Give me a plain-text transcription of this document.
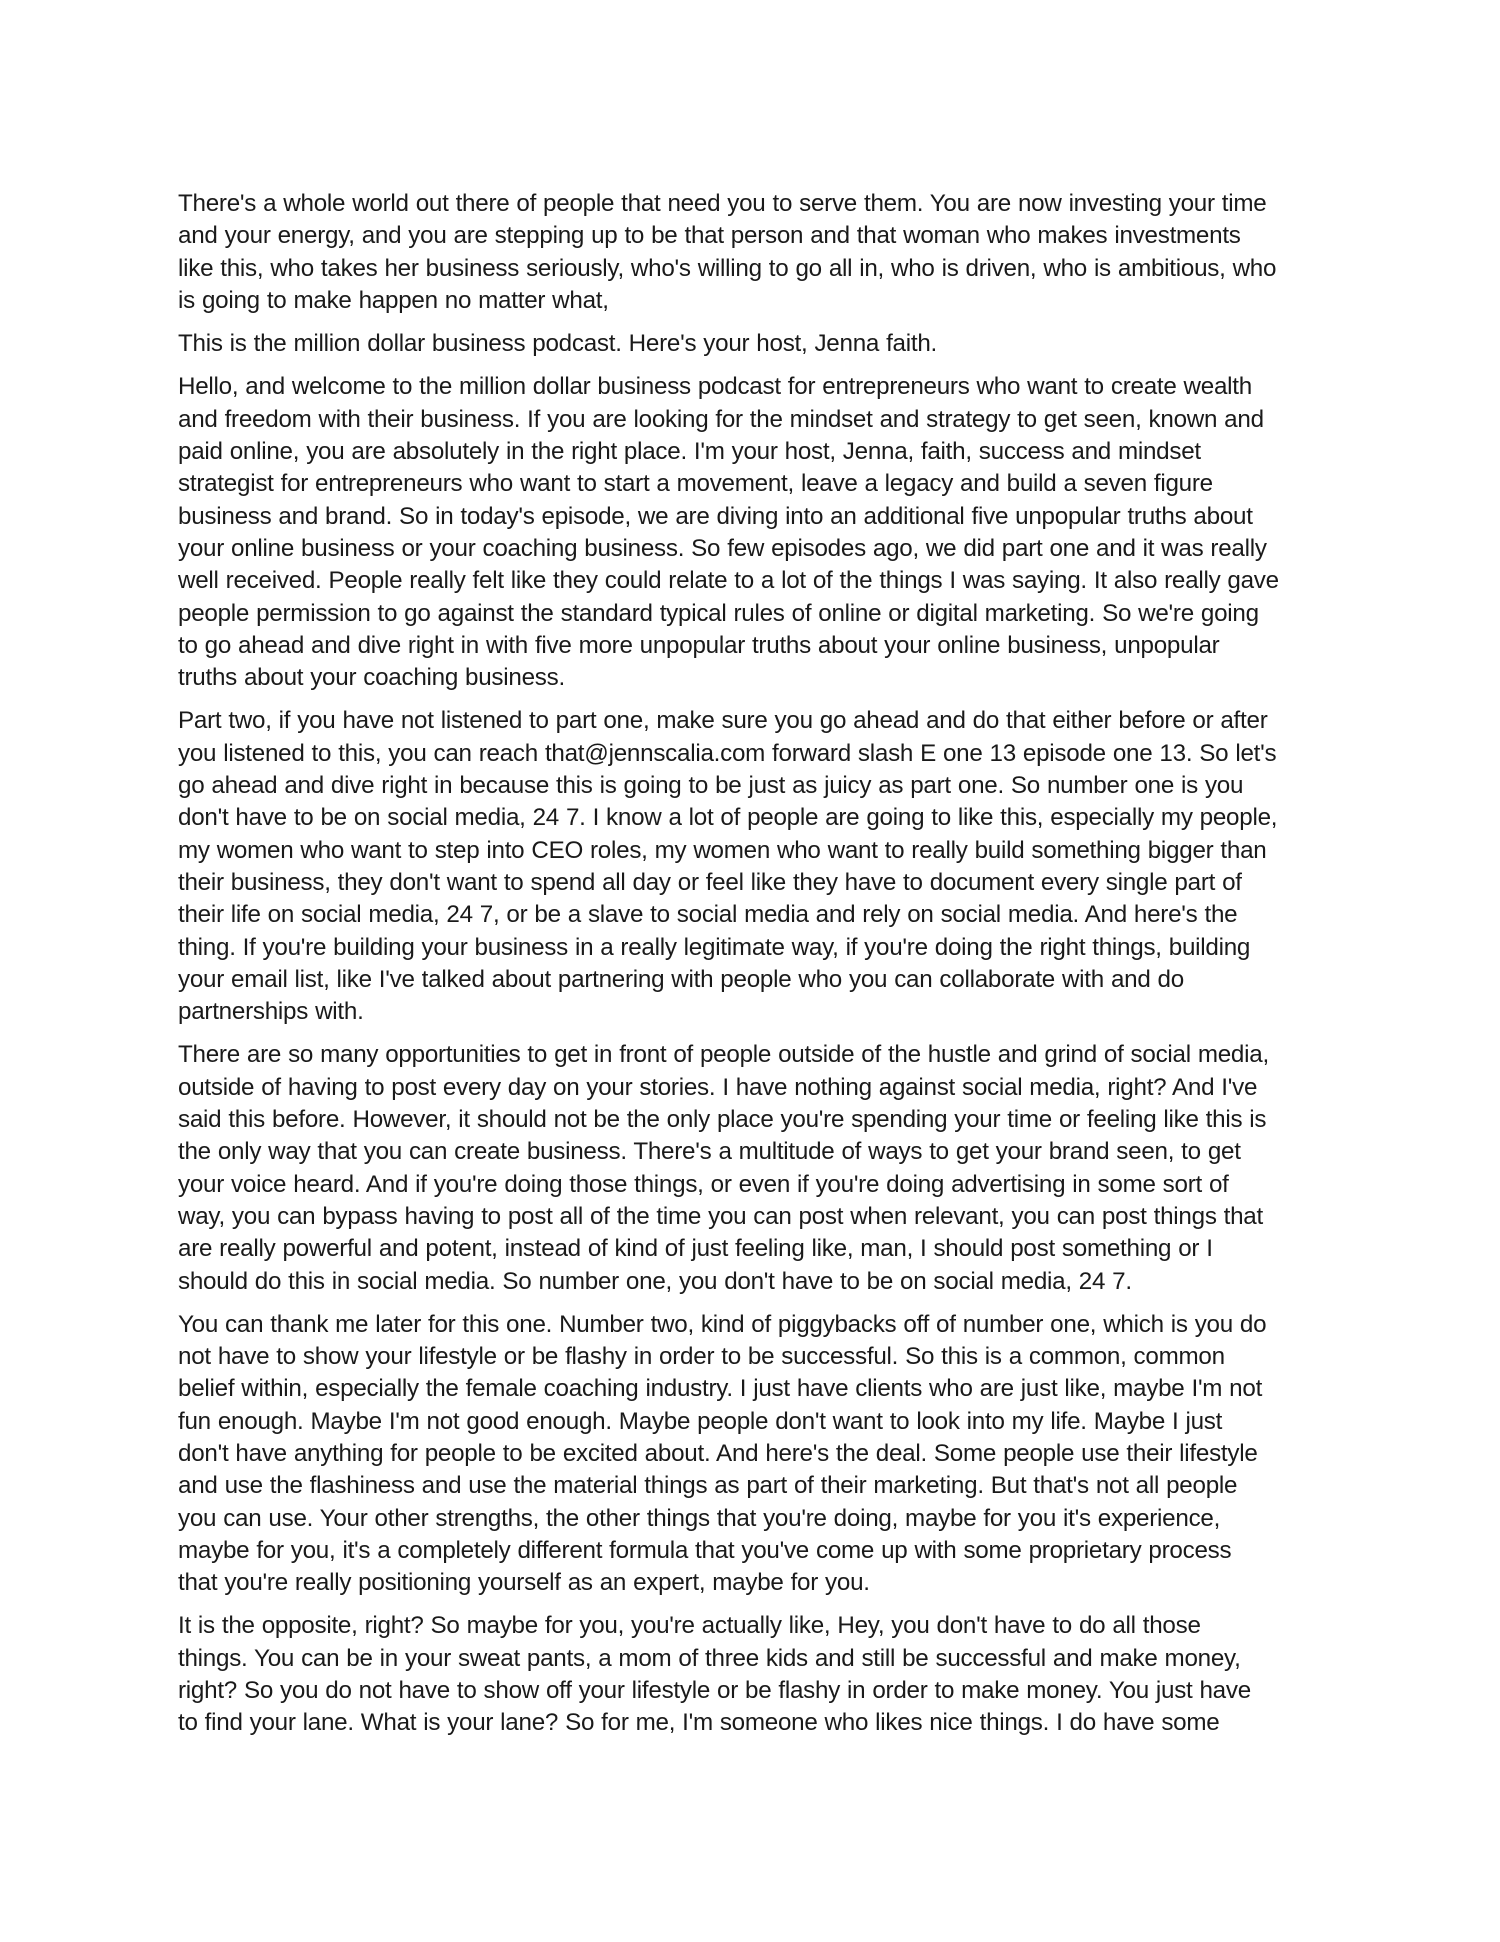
There's a whole world out there of people that need you to serve them. You are now investing your time
and your energy, and you are stepping up to be that person and that woman who makes investments
like this, who takes her business seriously, who's willing to go all in, who is driven, who is ambitious, who
is going to make happen no matter what,

This is the million dollar business podcast. Here's your host, Jenna faith.

Hello, and welcome to the million dollar business podcast for entrepreneurs who want to create wealth
and freedom with their business. If you are looking for the mindset and strategy to get seen, known and
paid online, you are absolutely in the right place. I'm your host, Jenna, faith, success and mindset
strategist for entrepreneurs who want to start a movement, leave a legacy and build a seven figure
business and brand. So in today's episode, we are diving into an additional five unpopular truths about
your online business or your coaching business. So few episodes ago, we did part one and it was really
well received. People really felt like they could relate to a lot of the things I was saying. It also really gave
people permission to go against the standard typical rules of online or digital marketing. So we're going
to go ahead and dive right in with five more unpopular truths about your online business, unpopular
truths about your coaching business.

Part two, if you have not listened to part one, make sure you go ahead and do that either before or after
you listened to this, you can reach that@jennscalia.com forward slash E one 13 episode one 13. So let's
go ahead and dive right in because this is going to be just as juicy as part one. So number one is you
don't have to be on social media, 24 7. I know a lot of people are going to like this, especially my people,
my women who want to step into CEO roles, my women who want to really build something bigger than
their business, they don't want to spend all day or feel like they have to document every single part of
their life on social media, 24 7, or be a slave to social media and rely on social media. And here's the
thing. If you're building your business in a really legitimate way, if you're doing the right things, building
your email list, like I've talked about partnering with people who you can collaborate with and do
partnerships with.

There are so many opportunities to get in front of people outside of the hustle and grind of social media,
outside of having to post every day on your stories. I have nothing against social media, right? And I've
said this before. However, it should not be the only place you're spending your time or feeling like this is
the only way that you can create business. There's a multitude of ways to get your brand seen, to get
your voice heard. And if you're doing those things, or even if you're doing advertising in some sort of
way, you can bypass having to post all of the time you can post when relevant, you can post things that
are really powerful and potent, instead of kind of just feeling like, man, I should post something or I
should do this in social media. So number one, you don't have to be on social media, 24 7.

You can thank me later for this one. Number two, kind of piggybacks off of number one, which is you do
not have to show your lifestyle or be flashy in order to be successful. So this is a common, common
belief within, especially the female coaching industry. I just have clients who are just like, maybe I'm not
fun enough. Maybe I'm not good enough. Maybe people don't want to look into my life. Maybe I just
don't have anything for people to be excited about. And here's the deal. Some people use their lifestyle
and use the flashiness and use the material things as part of their marketing. But that's not all people
you can use. Your other strengths, the other things that you're doing, maybe for you it's experience,
maybe for you, it's a completely different formula that you've come up with some proprietary process
that you're really positioning yourself as an expert, maybe for you.

It is the opposite, right? So maybe for you, you're actually like, Hey, you don't have to do all those
things. You can be in your sweat pants, a mom of three kids and still be successful and make money,
right? So you do not have to show off your lifestyle or be flashy in order to make money. You just have
to find your lane. What is your lane? So for me, I'm someone who likes nice things. I do have some
